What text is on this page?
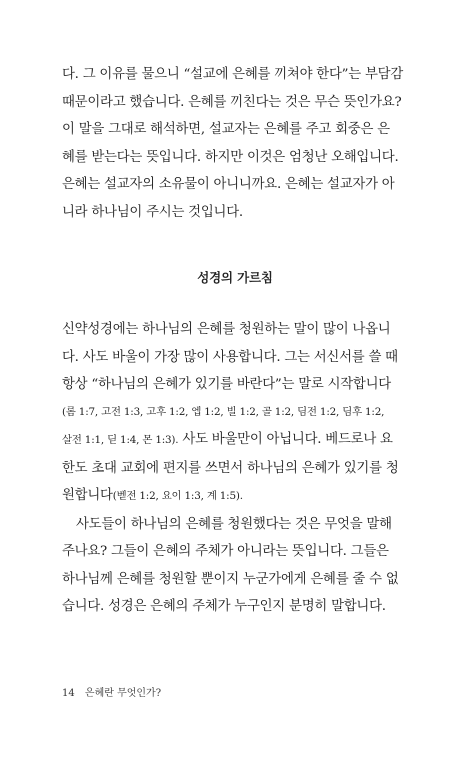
다. 그 이유를 물으니 “설교에 은혜를 끼쳐야 한다”는 부담감
때문이라고 했습니다. 은혜를 끼친다는 것은 무슨 뜻인가요?
이 말을 그대로 해석하면, 설교자는 은혜를 주고 회중은 은
혜를 받는다는 뜻입니다. 하지만 이것은 엄청난 오해입니다.
은혜는 설교자의 소유물이 아니니까요. 은혜는 설교자가 아
니라 하나님이 주시는 것입니다.
성경의 가르침
신약성경에는 하나님의 은혜를 청원하는 말이 많이 나옵니
다. 사도 바울이 가장 많이 사용합니다. 그는 서신서를 쓸 때
항상 “하나님의 은혜가 있기를 바란다”는 말로 시작합니다
(롬 1:7, 고전 1:3, 고후 1:2, 엡 1:2, 빌 1:2, 골 1:2, 딤전 1:2, 딤후 1:2,
살전 1:1, 딛 1:4, 몬 1:3). 사도 바울만이 아닙니다. 베드로나 요
한도 초대 교회에 편지를 쓰면서 하나님의 은혜가 있기를 청
원합니다(벧전 1:2, 요이 1:3, 계 1:5).
사도들이 하나님의 은혜를 청원했다는 것은 무엇을 말해
주나요? 그들이 은혜의 주체가 아니라는 뜻입니다. 그들은
하나님께 은혜를 청원할 뿐이지 누군가에게 은혜를 줄 수 없
습니다. 성경은 은혜의 주체가 누구인지 분명히 말합니다.
14 은혜란 무엇인가?
